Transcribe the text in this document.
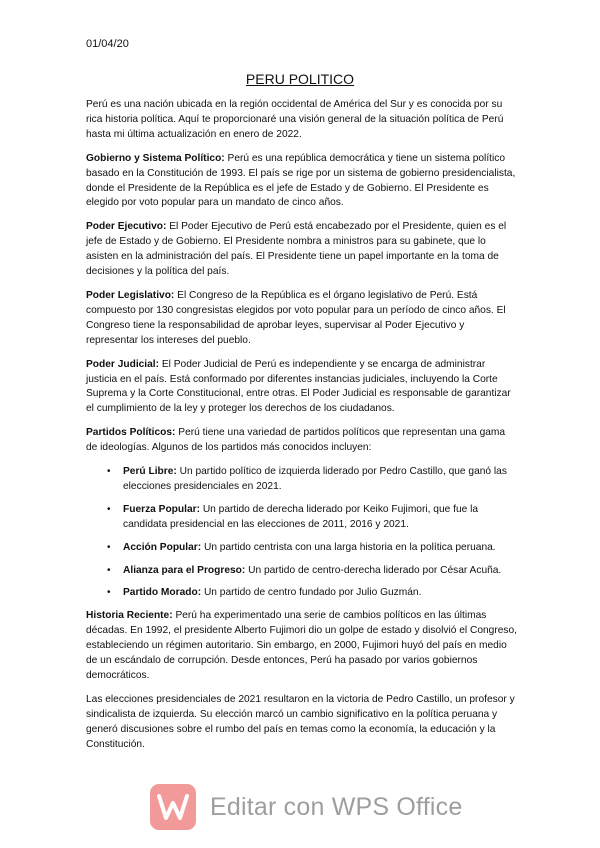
01/04/20
PERU POLITICO

Perú es una nación ubicada en la región occidental de América del Sur y es conocida por su rica historia política. Aquí te proporcionaré una visión general de la situación política de Perú hasta mi última actualización en enero de 2022.

Gobierno y Sistema Político: Perú es una república democrática y tiene un sistema político basado en la Constitución de 1993. El país se rige por un sistema de gobierno presidencialista, donde el Presidente de la República es el jefe de Estado y de Gobierno. El Presidente es elegido por voto popular para un mandato de cinco años.

Poder Ejecutivo: El Poder Ejecutivo de Perú está encabezado por el Presidente, quien es el jefe de Estado y de Gobierno. El Presidente nombra a ministros para su gabinete, que lo asisten en la administración del país. El Presidente tiene un papel importante en la toma de decisiones y la política del país.

Poder Legislativo: El Congreso de la República es el órgano legislativo de Perú. Está compuesto por 130 congresistas elegidos por voto popular para un período de cinco años. El Congreso tiene la responsabilidad de aprobar leyes, supervisar al Poder Ejecutivo y representar los intereses del pueblo.

Poder Judicial: El Poder Judicial de Perú es independiente y se encarga de administrar justicia en el país. Está conformado por diferentes instancias judiciales, incluyendo la Corte Suprema y la Corte Constitucional, entre otras. El Poder Judicial es responsable de garantizar el cumplimiento de la ley y proteger los derechos de los ciudadanos.

Partidos Políticos: Perú tiene una variedad de partidos políticos que representan una gama de ideologías. Algunos de los partidos más conocidos incluyen:

• Perú Libre: Un partido político de izquierda liderado por Pedro Castillo, que ganó las elecciones presidenciales en 2021.
• Fuerza Popular: Un partido de derecha liderado por Keiko Fujimori, que fue la candidata presidencial en las elecciones de 2011, 2016 y 2021.
• Acción Popular: Un partido centrista con una larga historia en la política peruana.
• Alianza para el Progreso: Un partido de centro-derecha liderado por César Acuña.
• Partido Morado: Un partido de centro fundado por Julio Guzmán.

Historia Reciente: Perú ha experimentado una serie de cambios políticos en las últimas décadas. En 1992, el presidente Alberto Fujimori dio un golpe de estado y disolvió el Congreso, estableciendo un régimen autoritario. Sin embargo, en 2000, Fujimori huyó del país en medio de un escándalo de corrupción. Desde entonces, Perú ha pasado por varios gobiernos democráticos.

Las elecciones presidenciales de 2021 resultaron en la victoria de Pedro Castillo, un profesor y sindicalista de izquierda. Su elección marcó un cambio significativo en la política peruana y generó discusiones sobre el rumbo del país en temas como la economía, la educación y la Constitución.

Editar con WPS Office
